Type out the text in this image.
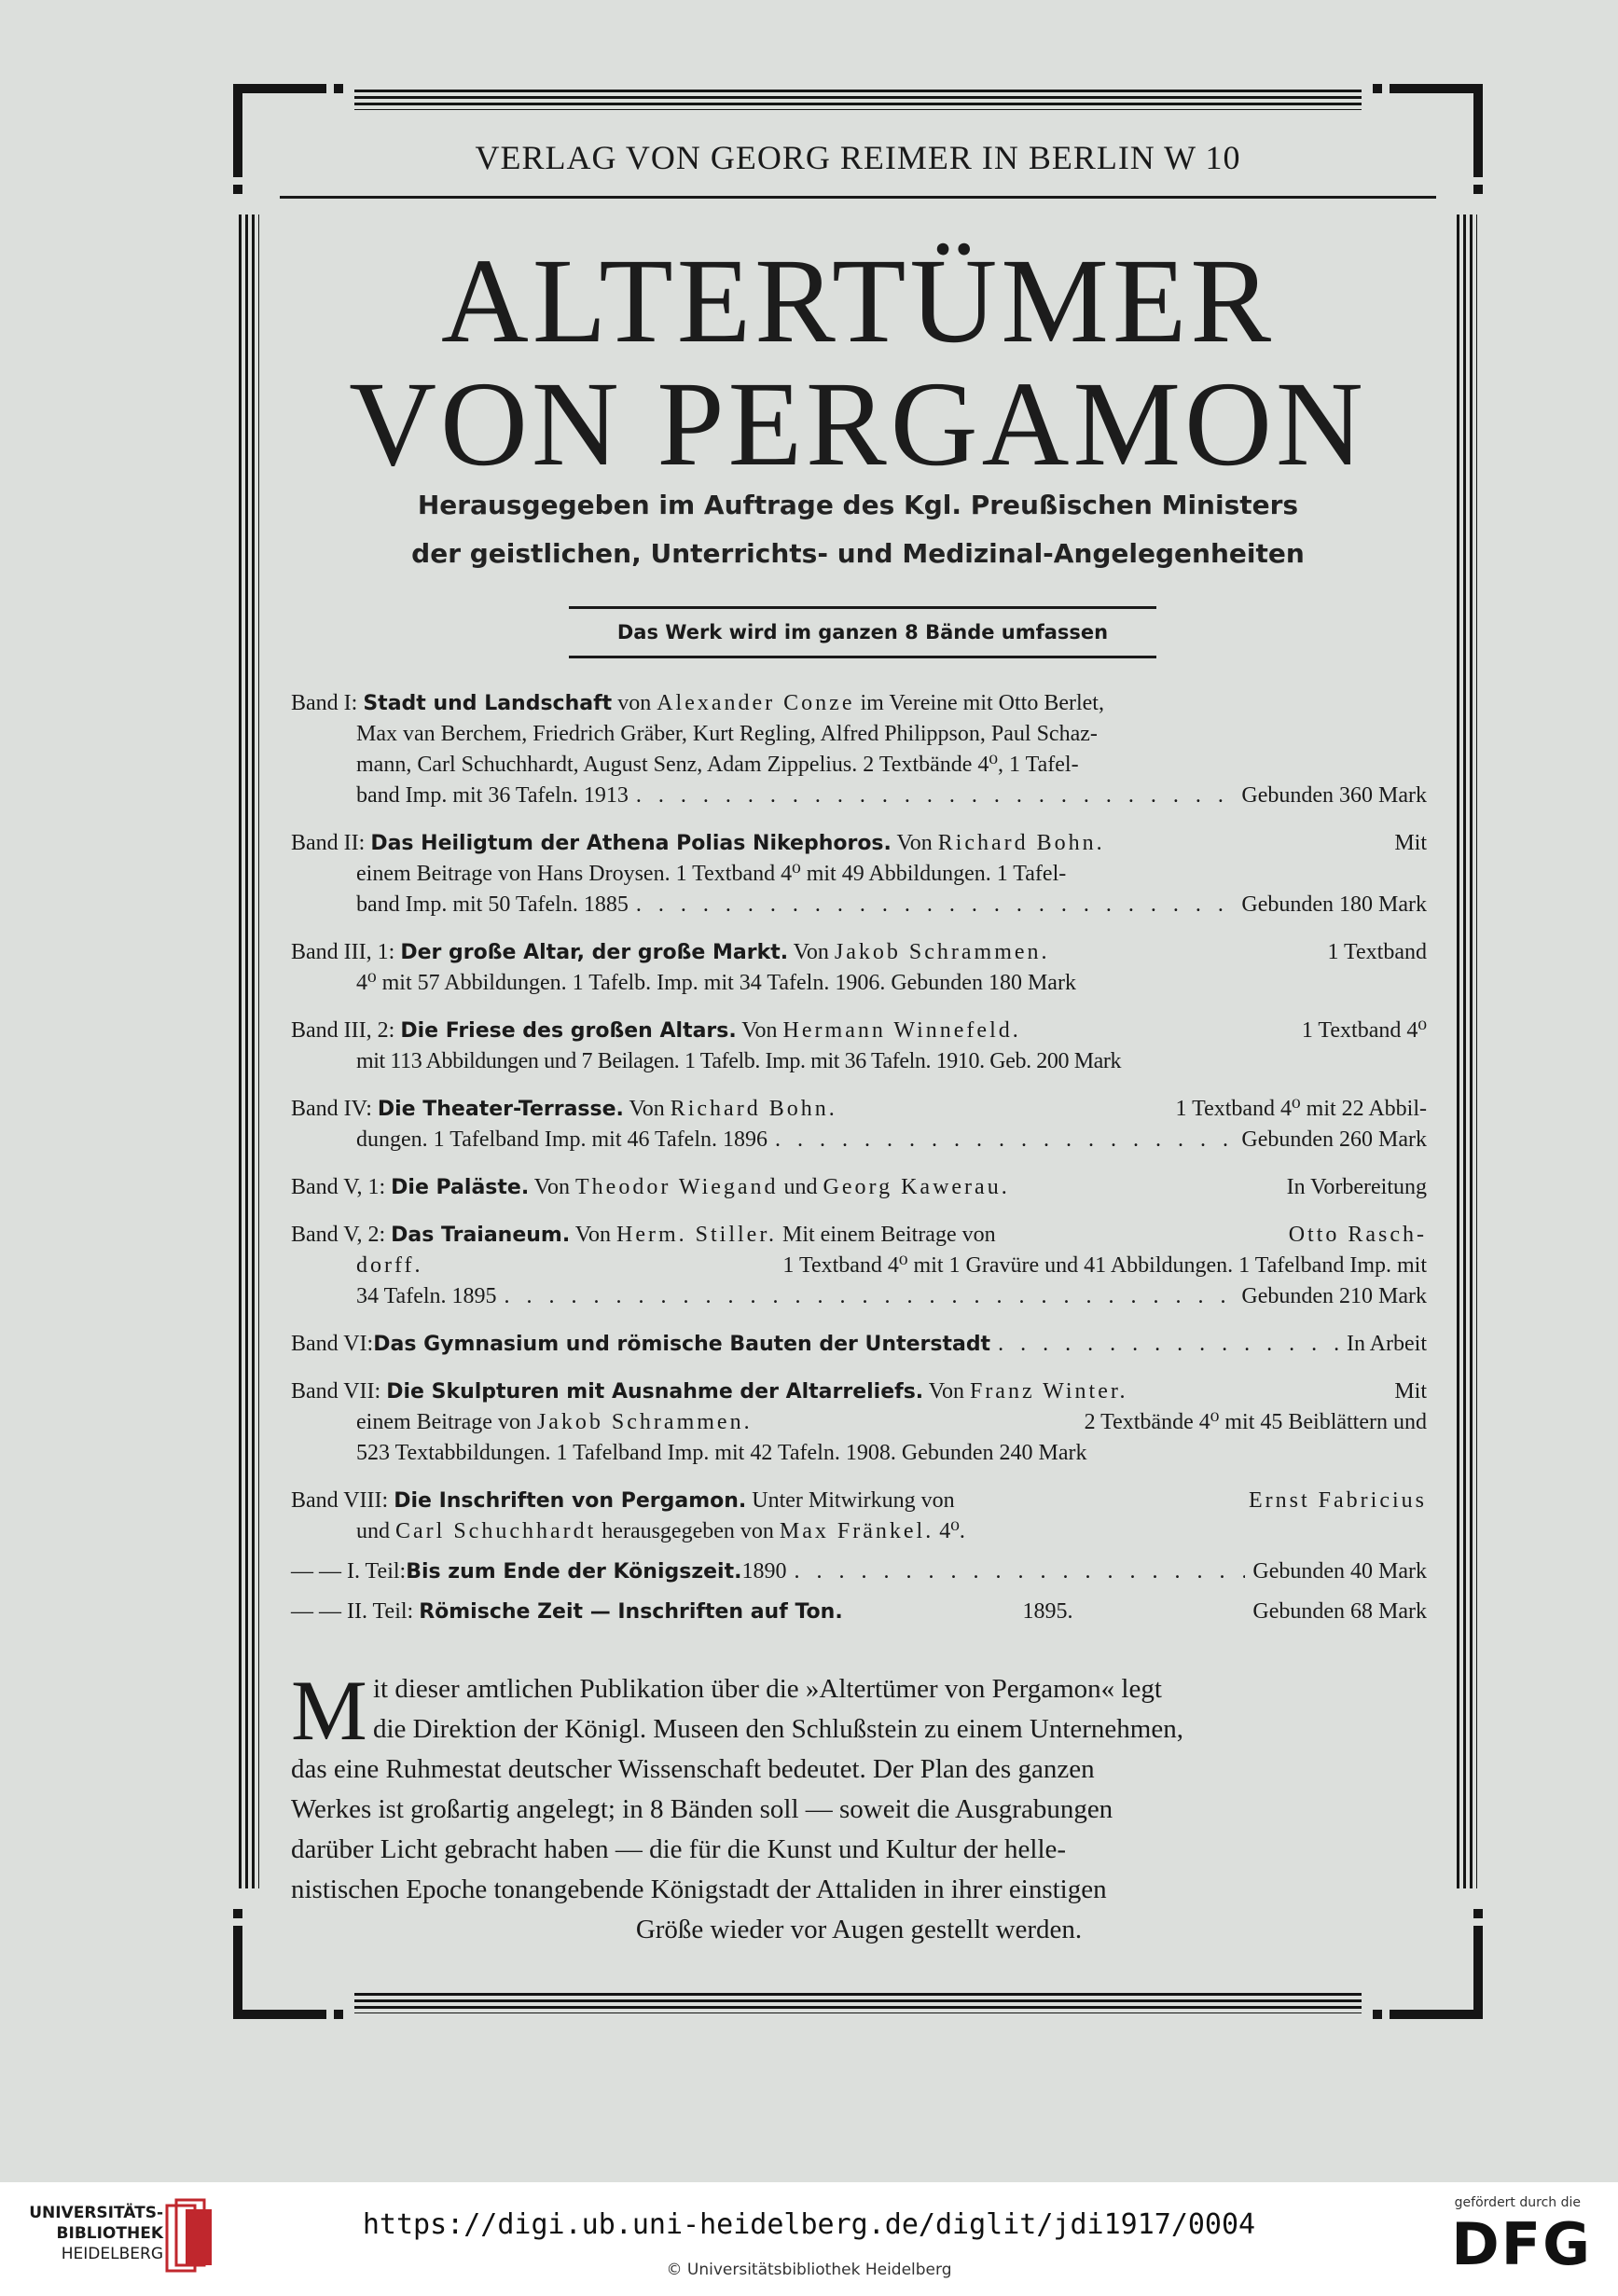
VERLAG VON GEORG REIMER IN BERLIN W 10
ALTERTÜMER
VON PERGAMON
Herausgegeben im Auftrage des Kgl. Preußischen Ministers
der geistlichen, Unterrichts- und Medizinal-Angelegenheiten
Das Werk wird im ganzen 8 Bände umfassen
Band I: Stadt und Landschaft von Alexander Conze im Vereine mit Otto Berlet,
Max van Berchem, Friedrich Gräber, Kurt Regling, Alfred Philippson, Paul Schaz-
mann, Carl Schuchhardt, August Senz, Adam Zippelius. 2 Textbände 4⁰, 1 Tafel-
band Imp. mit 36 Tafeln. 1913 . . .	Gebunden 360 Mark
Band II: Das Heiligtum der Athena Polias Nikephoros. Von Richard Bohn.	Mit
einem Beitrage von Hans Droysen. 1 Textband 4⁰ mit 49 Abbildungen. 1 Tafel-
band Imp. mit 50 Tafeln. 1885 . . .	Gebunden 180 Mark
Band III, 1: Der große Altar, der große Markt. Von Jakob Schrammen.	1 Textband
4⁰ mit 57 Abbildungen. 1 Tafelb. Imp. mit 34 Tafeln. 1906. Gebunden 180 Mark
Band III, 2: Die Friese des großen Altars. Von Hermann Winnefeld.	1 Textband 4⁰
mit 113 Abbildungen und 7 Beilagen. 1 Tafelb. Imp. mit 36 Tafeln. 1910. Geb. 200 Mark
Band IV: Die Theater-Terrasse. Von Richard Bohn.	1 Textband 4⁰ mit 22 Abbil-
dungen. 1 Tafelband Imp. mit 46 Tafeln. 1896 . . .	Gebunden 260 Mark
Band V, 1: Die Paläste. Von Theodor Wiegand und Georg Kawerau.	In Vorbereitung
Band V, 2: Das Traianeum. Von Herm. Stiller. Mit einem Beitrage von	Otto Rasch-
dorff.	1 Textband 4⁰ mit 1 Gravüre und 41 Abbildungen. 1 Tafelband Imp. mit
34 Tafeln. 1895 . . .	Gebunden 210 Mark
Band VI: Das Gymnasium und römische Bauten der Unterstadt . . .	In Arbeit
Band VII: Die Skulpturen mit Ausnahme der Altarreliefs. Von Franz Winter.	Mit
einem Beitrage von Jakob Schrammen.	2 Textbände 4⁰ mit 45 Beiblättern und
523 Textabbildungen. 1 Tafelband Imp. mit 42 Tafeln. 1908. Gebunden 240 Mark
Band VIII: Die Inschriften von Pergamon. Unter Mitwirkung von	Ernst Fabricius
und Carl Schuchhardt herausgegeben von Max Fränkel. 4⁰.
— — I. Teil: Bis zum Ende der Königszeit. 1890 . . .	Gebunden 40 Mark
— — II. Teil: Römische Zeit — Inschriften auf Ton.	1895.	Gebunden 68 Mark
M it dieser amtlichen Publikation über die »Altertümer von Pergamon« legt
die Direktion der Königl. Museen den Schlußstein zu einem Unternehmen,
das eine Ruhmestat deutscher Wissenschaft bedeutet. Der Plan des ganzen
Werkes ist großartig angelegt; in 8 Bänden soll — soweit die Ausgrabungen
darüber Licht gebracht haben — die für die Kunst und Kultur der helle-
nistischen Epoche tonangebende Königstadt der Attaliden in ihrer einstigen
Größe wieder vor Augen gestellt werden.
UNIVERSITÄTS-
BIBLIOTHEK
HEIDELBERG
https://digi.ub.uni-heidelberg.de/diglit/jdi1917/0004
© Universitätsbibliothek Heidelberg
gefördert durch die
DFG
